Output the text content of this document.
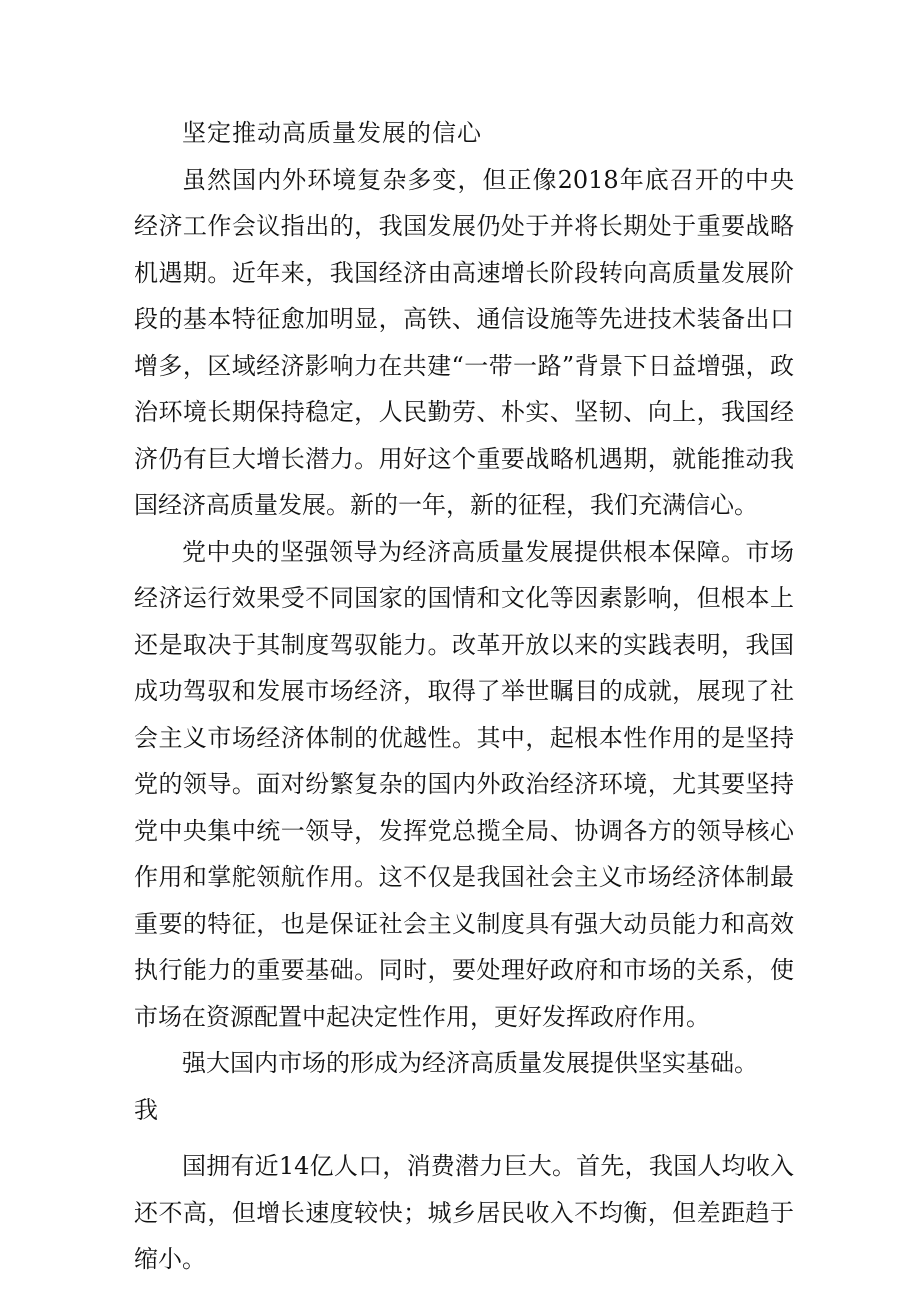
坚定推动高质量发展的信心

虽然国内外环境复杂多变，但正像2018年底召开的中央经济工作会议指出的，我国发展仍处于并将长期处于重要战略机遇期。近年来，我国经济由高速增长阶段转向高质量发展阶段的基本特征愈加明显，高铁、通信设施等先进技术装备出口增多，区域经济影响力在共建“一带一路”背景下日益增强，政治环境长期保持稳定，人民勤劳、朴实、坚韧、向上，我国经济仍有巨大增长潜力。用好这个重要战略机遇期，就能推动我国经济高质量发展。新的一年，新的征程，我们充满信心。

党中央的坚强领导为经济高质量发展提供根本保障。市场经济运行效果受不同国家的国情和文化等因素影响，但根本上还是取决于其制度驾驭能力。改革开放以来的实践表明，我国成功驾驭和发展市场经济，取得了举世瞩目的成就，展现了社会主义市场经济体制的优越性。其中，起根本性作用的是坚持党的领导。面对纷繁复杂的国内外政治经济环境，尤其要坚持党中央集中统一领导，发挥党总揽全局、协调各方的领导核心作用和掌舵领航作用。这不仅是我国社会主义市场经济体制最重要的特征，也是保证社会主义制度具有强大动员能力和高效执行能力的重要基础。同时，要处理好政府和市场的关系，使市场在资源配置中起决定性作用，更好发挥政府作用。

强大国内市场的形成为经济高质量发展提供坚实基础。

我

国拥有近14亿人口，消费潜力巨大。首先，我国人均收入还不高，但增长速度较快；城乡居民收入不均衡，但差距趋于缩小。
